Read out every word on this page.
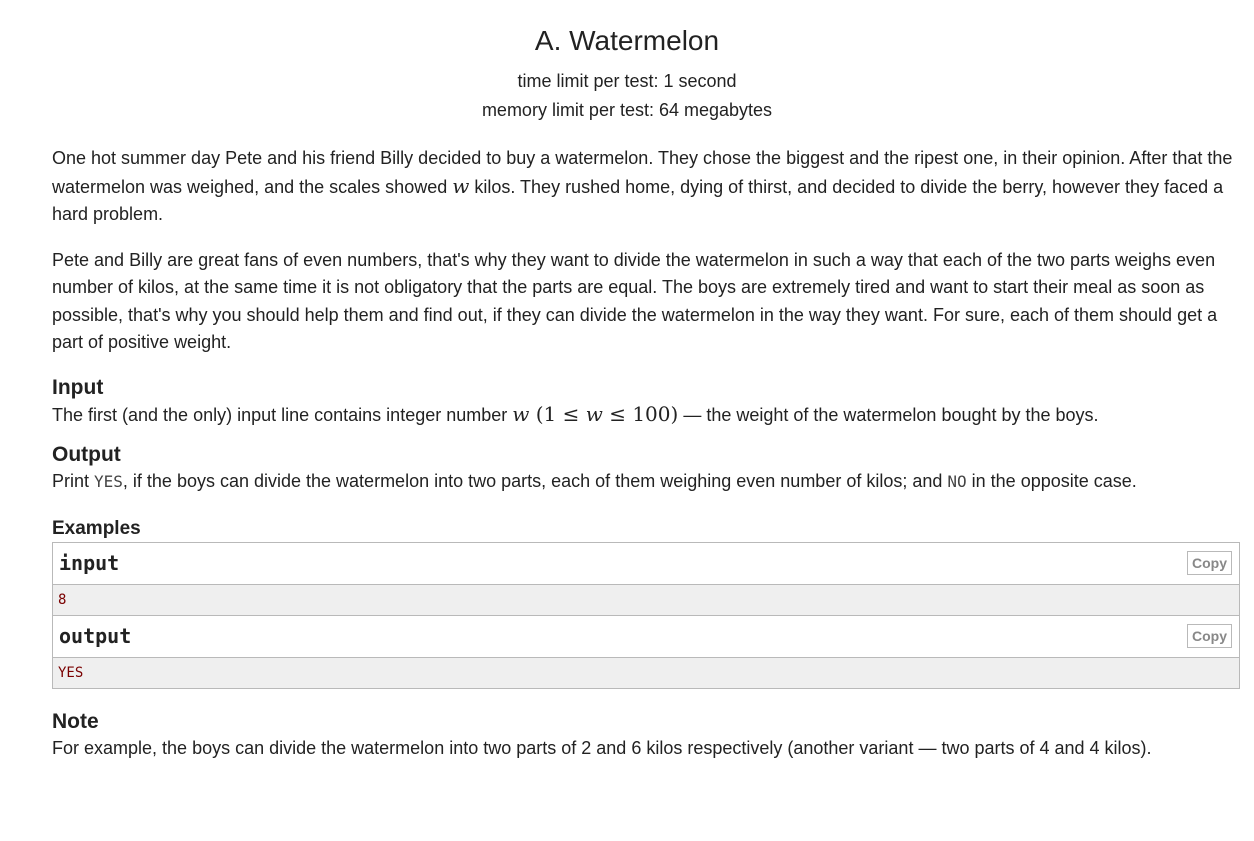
A. Watermelon
time limit per test: 1 second
memory limit per test: 64 megabytes

One hot summer day Pete and his friend Billy decided to buy a watermelon. They chose the biggest and the ripest one, in their opinion. After that the watermelon was weighed, and the scales showed w kilos. They rushed home, dying of thirst, and decided to divide the berry, however they faced a hard problem.

Pete and Billy are great fans of even numbers, that's why they want to divide the watermelon in such a way that each of the two parts weighs even number of kilos, at the same time it is not obligatory that the parts are equal. The boys are extremely tired and want to start their meal as soon as possible, that's why you should help them and find out, if they can divide the watermelon in the way they want. For sure, each of them should get a part of positive weight.

Input

The first (and the only) input line contains integer number w (1 ≤ w ≤ 100) — the weight of the watermelon bought by the boys.

Output

Print YES, if the boys can divide the watermelon into two parts, each of them weighing even number of kilos; and NO in the opposite case.

Examples
input	Copy
8
output	Copy
YES
Note

For example, the boys can divide the watermelon into two parts of 2 and 6 kilos respectively (another variant — two parts of 4 and 4 kilos).
